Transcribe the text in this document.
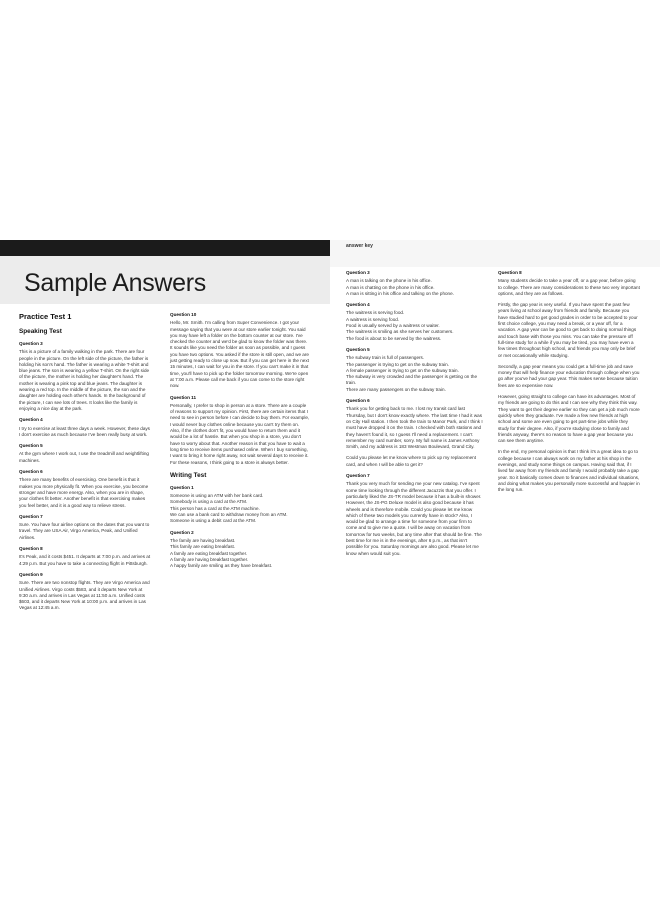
Sample Answers
Practice Test 1
Speaking Test
Question 3

This is a picture of a family walking in the park. There are four people in the picture. On the left side of the picture, the father is holding his son's hand. The father is wearing a white T-shirt and blue jeans. The son is wearing a yellow T-shirt. On the right side of the picture, the mother is holding her daughter's hand. The mother is wearing a pink top and blue jeans. The daughter is wearing a red top. In the middle of the picture, the son and the daughter are holding each other's hands. In the background of the picture, I can see lots of trees. It looks like the family is enjoying a nice day at the park.

Question 4

I try to exercise at least three days a week. However, these days I don't exercise as much because I've been really busy at work.

Question 5

At the gym where I work out, I use the treadmill and weightlifting machines.

Question 6

There are many benefits of exercising. One benefit is that it makes you more physically fit. When you exercise, you become stronger and have more energy. Also, when you are in shape, your clothes fit better. Another benefit is that exercising makes you feel better, and it is a good way to relieve stress.

Question 7

Sure. You have four airline options on the dates that you want to travel. They are USA Air, Virgo America, Peak, and Unified Airlines.

Question 8

It's Peak, and it costs $451. It departs at 7:00 p.m. and arrives at 4:29 p.m. But you have to take a connecting flight in Pittsburgh.

Question 9

Sure. There are two nonstop flights. They are Virgo America and Unified Airlines. Virgo costs $583, and it departs New York at 9:30 a.m. and arrives in Las Vegas at 11:50 a.m. Unified costs $603, and it departs New York at 10:00 p.m. and arrives in Las Vegas at 12:45 a.m.

Question 10

Hello, Mr. Smith. I'm calling from Super Convenience. I got your message saying that you were at our store earlier tonight. You said you may have left a folder on the bottom counter at our store. I've checked the counter and we'd be glad to know the folder was there. It sounds like you need the folder as soon as possible, and I guess you have two options. You asked if the store is still open, and we are just getting ready to close up now. But if you can get here in the next 15 minutes, I can wait for you in the store. If you can't make it in that time, you'll have to pick up the folder tomorrow morning. We're open at 7:00 a.m. Please call me back if you can come to the store right now.

Question 11

Personally, I prefer to shop in person at a store. There are a couple of reasons to support my opinion. First, there are certain items that I need to see in person before I can decide to buy them. For example, I would never buy clothes online because you can't try them on. Also, if the clothes don't fit, you would have to return them and it would be a lot of hassle. But when you shop in a store, you don't have to worry about that. Another reason is that you have to wait a long time to receive items purchased online. When I buy something, I want to bring it home right away, not wait several days to receive it. For these reasons, I think going to a store is always better.

Writing Test
Question 1

Someone is using an ATM with her bank card.
Somebody is using a card at the ATM.
This person has a card at the ATM machine.
We can use a bank card to withdraw money from an ATM.
Someone is using a debit card at the ATM.

Question 2

The family are having breakfast.
This family are eating breakfast.
A family are eating breakfast together.
A family are having breakfast together.
A happy family are smiling as they have breakfast.

answer key
Question 3

A man is talking on the phone in his office.
A man is chatting on the phone in his office.
A man is sitting in his office and talking on the phone.

Question 4

The waitress is serving food.
A waitress is serving food.
Food is usually served by a waitress or waiter.
The waitress is smiling as she serves her customers.
The food is about to be served by the waitress.

Question 5

The subway train is full of passengers.
The passenger is trying to get on the subway train.
A female passenger is trying to get on the subway train.
The subway is very crowded and the passenger is getting on the train.
There are many passengers on the subway train.

Question 6

Thank you for getting back to me. I lost my transit card last Thursday, but I don't know exactly where. The last time I had it was on City Hall station. I then took the train to Manor Park, and I think I must have dropped it on the train. I checked with both stations and they haven't found it, so I guess I'll need a replacement. I can't remember my card number, sorry. My full name is James Anthony Smith, and my address is 183 Westman Boulevard, Grand City.

Could you please let me know where to pick up my replacement card, and when I will be able to get it?

Question 7

Thank you very much for sending me your new catalog. I've spent some time looking through the different Jacuzzis that you offer. I particularly liked the JS-TR model because it has a built-in shower. However, the JS-PG Deluxe model is also good because it has wheels and is therefore mobile. Could you please let me know which of these two models you currently have in stock? Also, I would be glad to arrange a time for someone from your firm to come and to give me a quote. I will be away on vacation from tomorrow for two weeks, but any time after that should be fine. The best time for me is in the evenings, after 6 p.m., as that isn't possible for you. Saturday mornings are also good. Please let me know when would suit you.

Question 8

Many students decide to take a year off, or a gap year, before going to college. There are many considerations to these two very important options, and they are as follows.

Firstly, the gap year is very useful. If you have spent the past few years living at school away from friends and family. Because you have studied hard to get good grades in order to be accepted to your first choice college, you may need a break, or a year off, for a vacation. A gap year can be good to get back to doing normal things and touch base with those you miss. You can take the pressure off full-time study for a while if you may be tired, you may have even a few times throughout high school, and friends you may only be brief or met occasionally while studying.

Secondly, a gap year means you could get a full-time job and save money that will help finance your education through college when you go after you've had your gap year. This makes sense because tuition fees are so expensive now.

However, going straight to college can have its advantages. Most of my friends are going to do this and I can see why they think this way. They want to get their degree earlier so they can get a job much more quickly when they graduate. I've made a few new friends at high school and some are even going to get part-time jobs while they study for their degree. Also, if you're studying close to family and friends anyway, there's no reason to have a gap year because you can see them anytime.

In the end, my personal opinion is that I think it's a great idea to go to college because I can always work on my father at his shop in the evenings, and study some things on campus. Having said that, if I lived far away from my friends and family I would probably take a gap year. So it basically comes down to finances and individual situations, and doing what makes you personally more successful and happier in the long run.
